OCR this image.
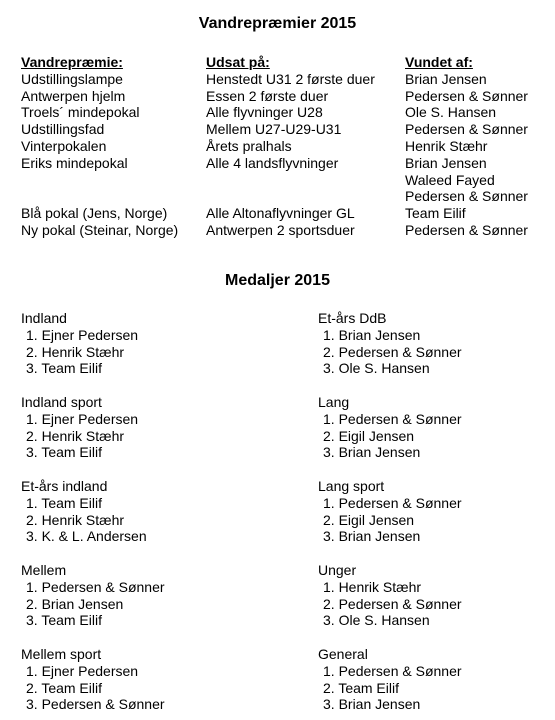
Vandrepræmier 2015
Vandrepræmie:
Udstillingslampe
Antwerpen hjelm
Troels´ mindepokal
Udstillingsfad
Vinterpokalen
Eriks mindepokal
Blå pokal (Jens, Norge)
Ny pokal (Steinar, Norge)
Udsat på:
Henstedt U31 2 første duer
Essen 2 første duer
Alle flyvninger U28
Mellem U27-U29-U31
Årets pralhals
Alle 4 landsflyvninger
Alle Altonaflyvninger GL
Antwerpen 2 sportsduer
Vundet af:
Brian Jensen
Pedersen & Sønner
Ole S. Hansen
Pedersen & Sønner
Henrik Stæhr
Brian Jensen
Waleed Fayed
Pedersen & Sønner
Team Eilif
Pedersen & Sønner
Medaljer 2015
Indland
1. Ejner Pedersen
2. Henrik Stæhr
3. Team Eilif
Indland sport
1. Ejner Pedersen
2. Henrik Stæhr
3. Team Eilif
Et-års indland
1. Team Eilif
2. Henrik Stæhr
3. K. & L. Andersen
Mellem
1. Pedersen & Sønner
2. Brian Jensen
3. Team Eilif
Mellem sport
1. Ejner Pedersen
2. Team Eilif
3. Pedersen & Sønner
Et-års DdB
1. Brian Jensen
2. Pedersen & Sønner
3. Ole S. Hansen
Lang
1. Pedersen & Sønner
2. Eigil Jensen
3. Brian Jensen
Lang sport
1. Pedersen & Sønner
2. Eigil Jensen
3. Brian Jensen
Unger
1. Henrik Stæhr
2. Pedersen & Sønner
3. Ole S. Hansen
General
1. Pedersen & Sønner
2. Team Eilif
3. Brian Jensen
